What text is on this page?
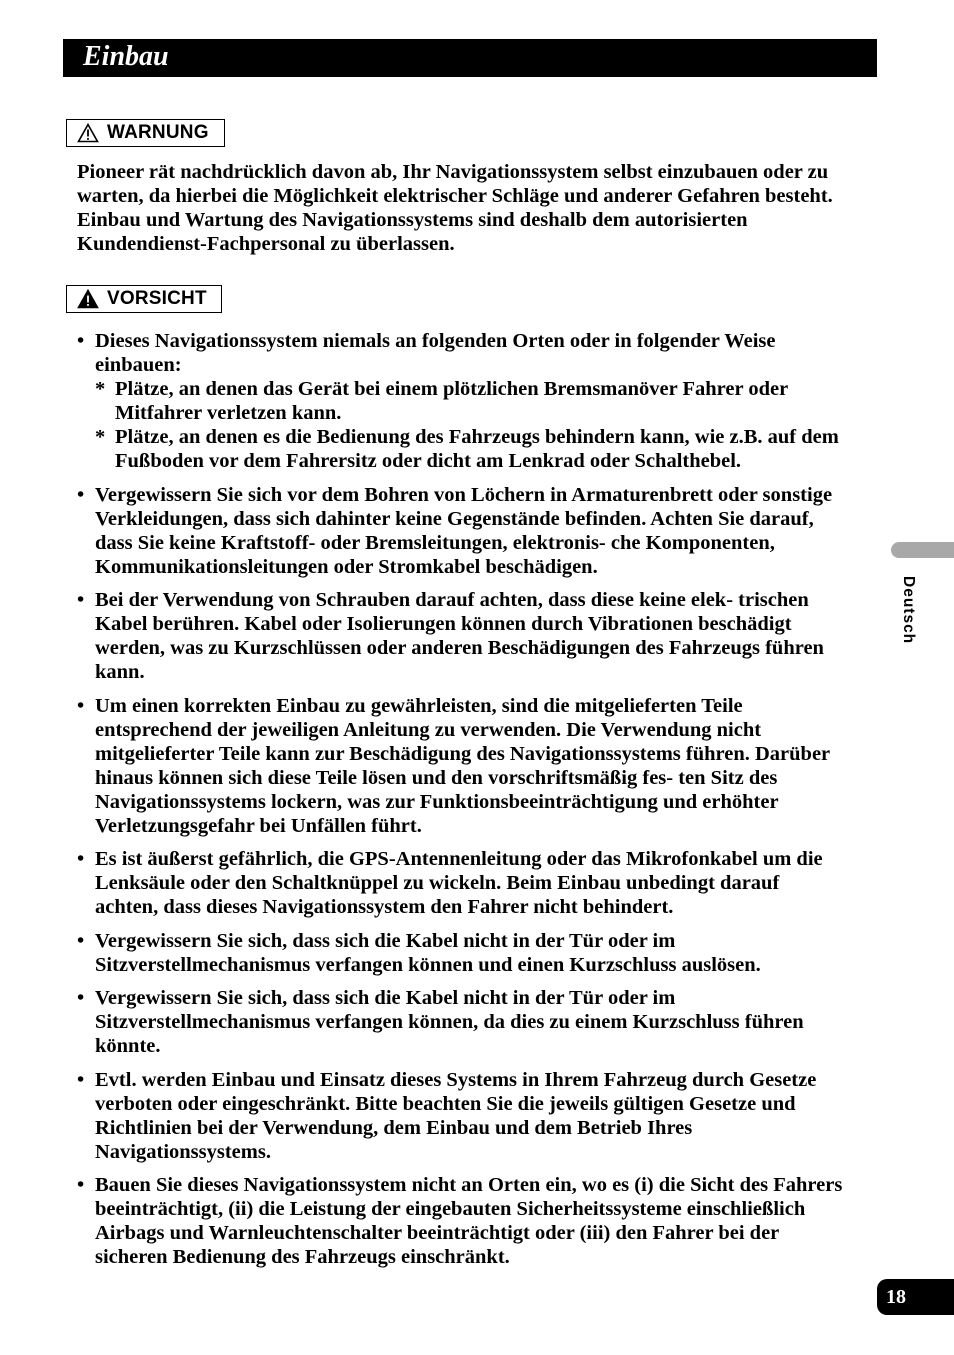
Einbau
WARNUNG
Pioneer rät nachdrücklich davon ab, Ihr Navigationssystem selbst einzubauen oder zu warten, da hierbei die Möglichkeit elektrischer Schläge und anderer Gefahren besteht. Einbau und Wartung des Navigationssystems sind deshalb dem autorisierten Kundendienst-Fachpersonal zu überlassen.
VORSICHT
• Dieses Navigationssystem niemals an folgenden Orten oder in folgender Weise einbauen:
* Plätze, an denen das Gerät bei einem plötzlichen Bremsmanöver Fahrer oder Mitfahrer verletzen kann.
* Plätze, an denen es die Bedienung des Fahrzeugs behindern kann, wie z.B. auf dem Fußboden vor dem Fahrersitz oder dicht am Lenkrad oder Schalthebel.
• Vergewissern Sie sich vor dem Bohren von Löchern in Armaturenbrett oder sonstige Verkleidungen, dass sich dahinter keine Gegenstände befinden. Achten Sie darauf, dass Sie keine Kraftstoff- oder Bremsleitungen, elektronis- che Komponenten, Kommunikationsleitungen oder Stromkabel beschädigen.
• Bei der Verwendung von Schrauben darauf achten, dass diese keine elek- trischen Kabel berühren. Kabel oder Isolierungen können durch Vibrationen beschädigt werden, was zu Kurzschlüssen oder anderen Beschädigungen des Fahrzeugs führen kann.
• Um einen korrekten Einbau zu gewährleisten, sind die mitgelieferten Teile entsprechend der jeweiligen Anleitung zu verwenden. Die Verwendung nicht mitgelieferter Teile kann zur Beschädigung des Navigationssystems führen. Darüber hinaus können sich diese Teile lösen und den vorschriftsmäßig fes- ten Sitz des Navigationssystems lockern, was zur Funktionsbeeinträchtigung und erhöhter Verletzungsgefahr bei Unfällen führt.
• Es ist äußerst gefährlich, die GPS-Antennenleitung oder das Mikrofonkabel um die Lenksäule oder den Schaltknüppel zu wickeln. Beim Einbau unbedingt darauf achten, dass dieses Navigationssystem den Fahrer nicht behindert.
• Vergewissern Sie sich, dass sich die Kabel nicht in der Tür oder im Sitzverstellmechanismus verfangen können und einen Kurzschluss auslösen.
• Vergewissern Sie sich, dass sich die Kabel nicht in der Tür oder im Sitzverstellmechanismus verfangen können, da dies zu einem Kurzschluss führen könnte.
• Evtl. werden Einbau und Einsatz dieses Systems in Ihrem Fahrzeug durch Gesetze verboten oder eingeschränkt. Bitte beachten Sie die jeweils gültigen Gesetze und Richtlinien bei der Verwendung, dem Einbau und dem Betrieb Ihres Navigationssystems.
• Bauen Sie dieses Navigationssystem nicht an Orten ein, wo es (i) die Sicht des Fahrers beeinträchtigt, (ii) die Leistung der eingebauten Sicherheitssysteme einschließlich Airbags und Warnleuchtenschalter beeinträchtigt oder (iii) den Fahrer bei der sicheren Bedienung des Fahrzeugs einschränkt.
Deutsch
18
